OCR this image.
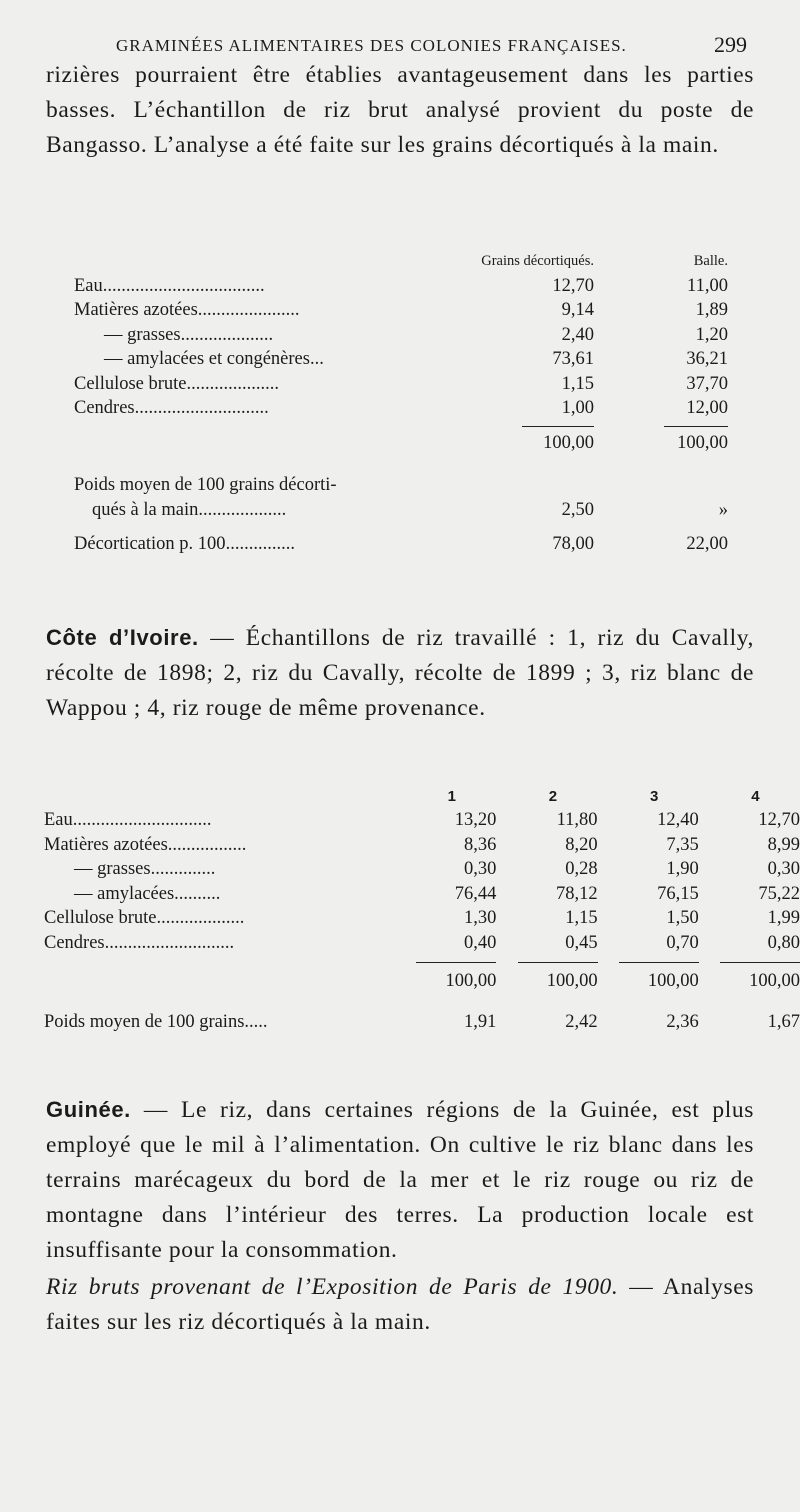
GRAMINÉES ALIMENTAIRES DES COLONIES FRANÇAISES.	299

rizières pourraient être établies avantageusement dans les parties basses. L’échantillon de riz brut analysé provient du poste de Bangasso. L’analyse a été faite sur les grains décortiqués à la main.

	Grains décortiqués.	Balle.
Eau...................................	12,70	11,00
Matières azotées......................	9,14	1,89
— grasses....................	2,40	1,20
— amylacées et congénères...	73,61	36,21
Cellulose brute....................	1,15	37,70
Cendres.............................	1,00	12,00

	100,00	100,00

Poids moyen de 100 grains décorti-		
qués à la main...................	2,50	»

Décortication p. 100...............	78,00	22,00

Côte d’Ivoire. — Échantillons de riz travaillé : 1, riz du Cavally, récolte de 1898; 2, riz du Cavally, récolte de 1899 ; 3, riz blanc de Wappou ; 4, riz rouge de même provenance.

	1	2	3	4
Eau..............................	13,20	11,80	12,40	12,70
Matières azotées.................	8,36	8,20	7,35	8,99
— grasses..............	0,30	0,28	1,90	0,30
— amylacées..........	76,44	78,12	76,15	75,22
Cellulose brute...................	1,30	1,15	1,50	1,99
Cendres............................	0,40	0,45	0,70	0,80

	100,00	100,00	100,00	100,00

Poids moyen de 100 grains.....	1,91	2,42	2,36	1,67

Guinée. — Le riz, dans certaines régions de la Guinée, est plus employé que le mil à l’alimentation. On cultive le riz blanc dans les terrains marécageux du bord de la mer et le riz rouge ou riz de montagne dans l’intérieur des terres. La production locale est insuffisante pour la consommation.

Riz bruts provenant de l’Exposition de Paris de 1900. — Analyses faites sur les riz décortiqués à la main.
